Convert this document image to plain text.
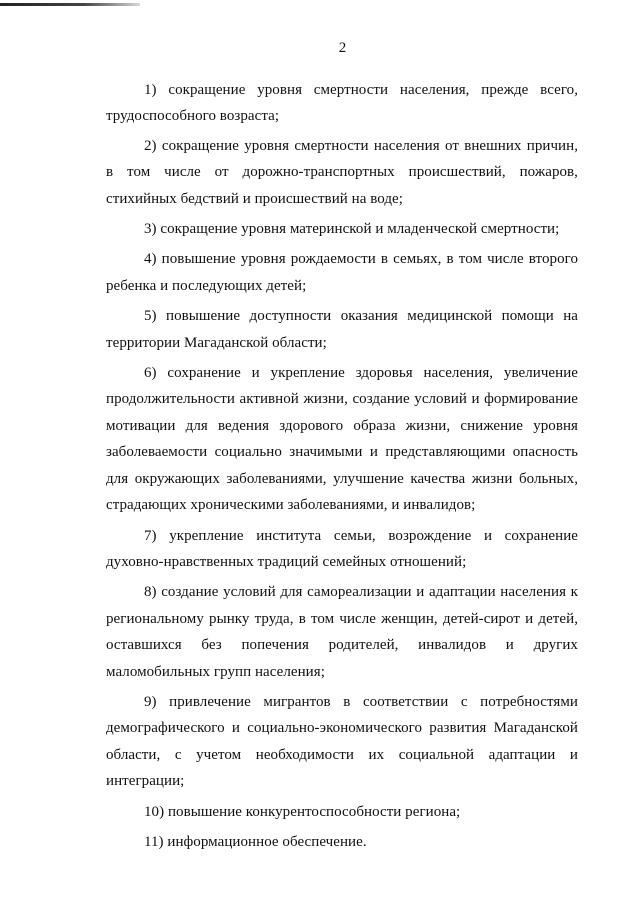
2

1) сокращение уровня смертности населения, прежде всего, трудоспособного возраста;

2) сокращение уровня смертности населения от внешних причин, в том числе от дорожно-транспортных происшествий, пожаров, стихийных бедствий и происшествий на воде;

3) сокращение уровня материнской и младенческой смертности;

4) повышение уровня рождаемости в семьях, в том числе второго ребенка и последующих детей;

5) повышение доступности оказания медицинской помощи на территории Магаданской области;

6) сохранение и укрепление здоровья населения, увеличение продолжительности активной жизни, создание условий и формирование мотивации для ведения здорового образа жизни, снижение уровня заболеваемости социально значимыми и представляющими опасность для окружающих заболеваниями, улучшение качества жизни больных, страдающих хроническими заболеваниями, и инвалидов;

7) укрепление института семьи, возрождение и сохранение духовно-нравственных традиций семейных отношений;

8) создание условий для самореализации и адаптации населения к региональному рынку труда, в том числе женщин, детей-сирот и детей, оставшихся без попечения родителей, инвалидов и других маломобильных групп населения;

9) привлечение мигрантов в соответствии с потребностями демографического и социально-экономического развития Магаданской области, с учетом необходимости их социальной адаптации и интеграции;

10) повышение конкурентоспособности региона;

11) информационное обеспечение.
